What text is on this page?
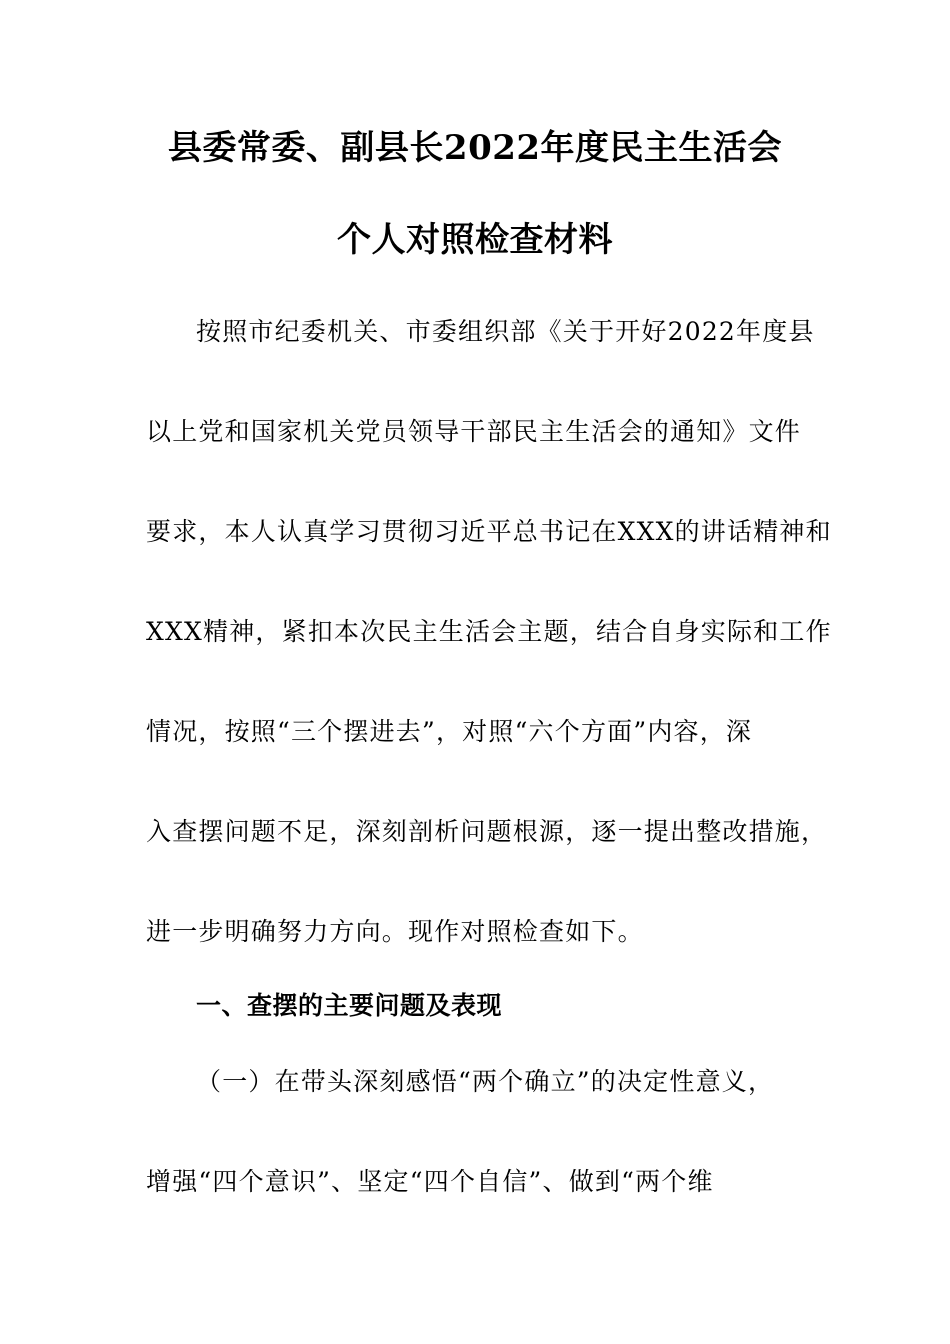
县委常委、副县长2022年度民主生活会
个人对照检查材料
按照市纪委机关、市委组织部《关于开好2022年度县
以上党和国家机关党员领导干部民主生活会的通知》文件
要求，本人认真学习贯彻习近平总书记在XXX的讲话精神和
XXX精神，紧扣本次民主生活会主题，结合自身实际和工作
情况，按照“三个摆进去”，对照“六个方面”内容，深
入查摆问题不足，深刻剖析问题根源，逐一提出整改措施，
进一步明确努力方向。现作对照检查如下。
一、查摆的主要问题及表现
（一）在带头深刻感悟“两个确立”的决定性意义，
增强“四个意识”、坚定“四个自信”、做到“两个维
